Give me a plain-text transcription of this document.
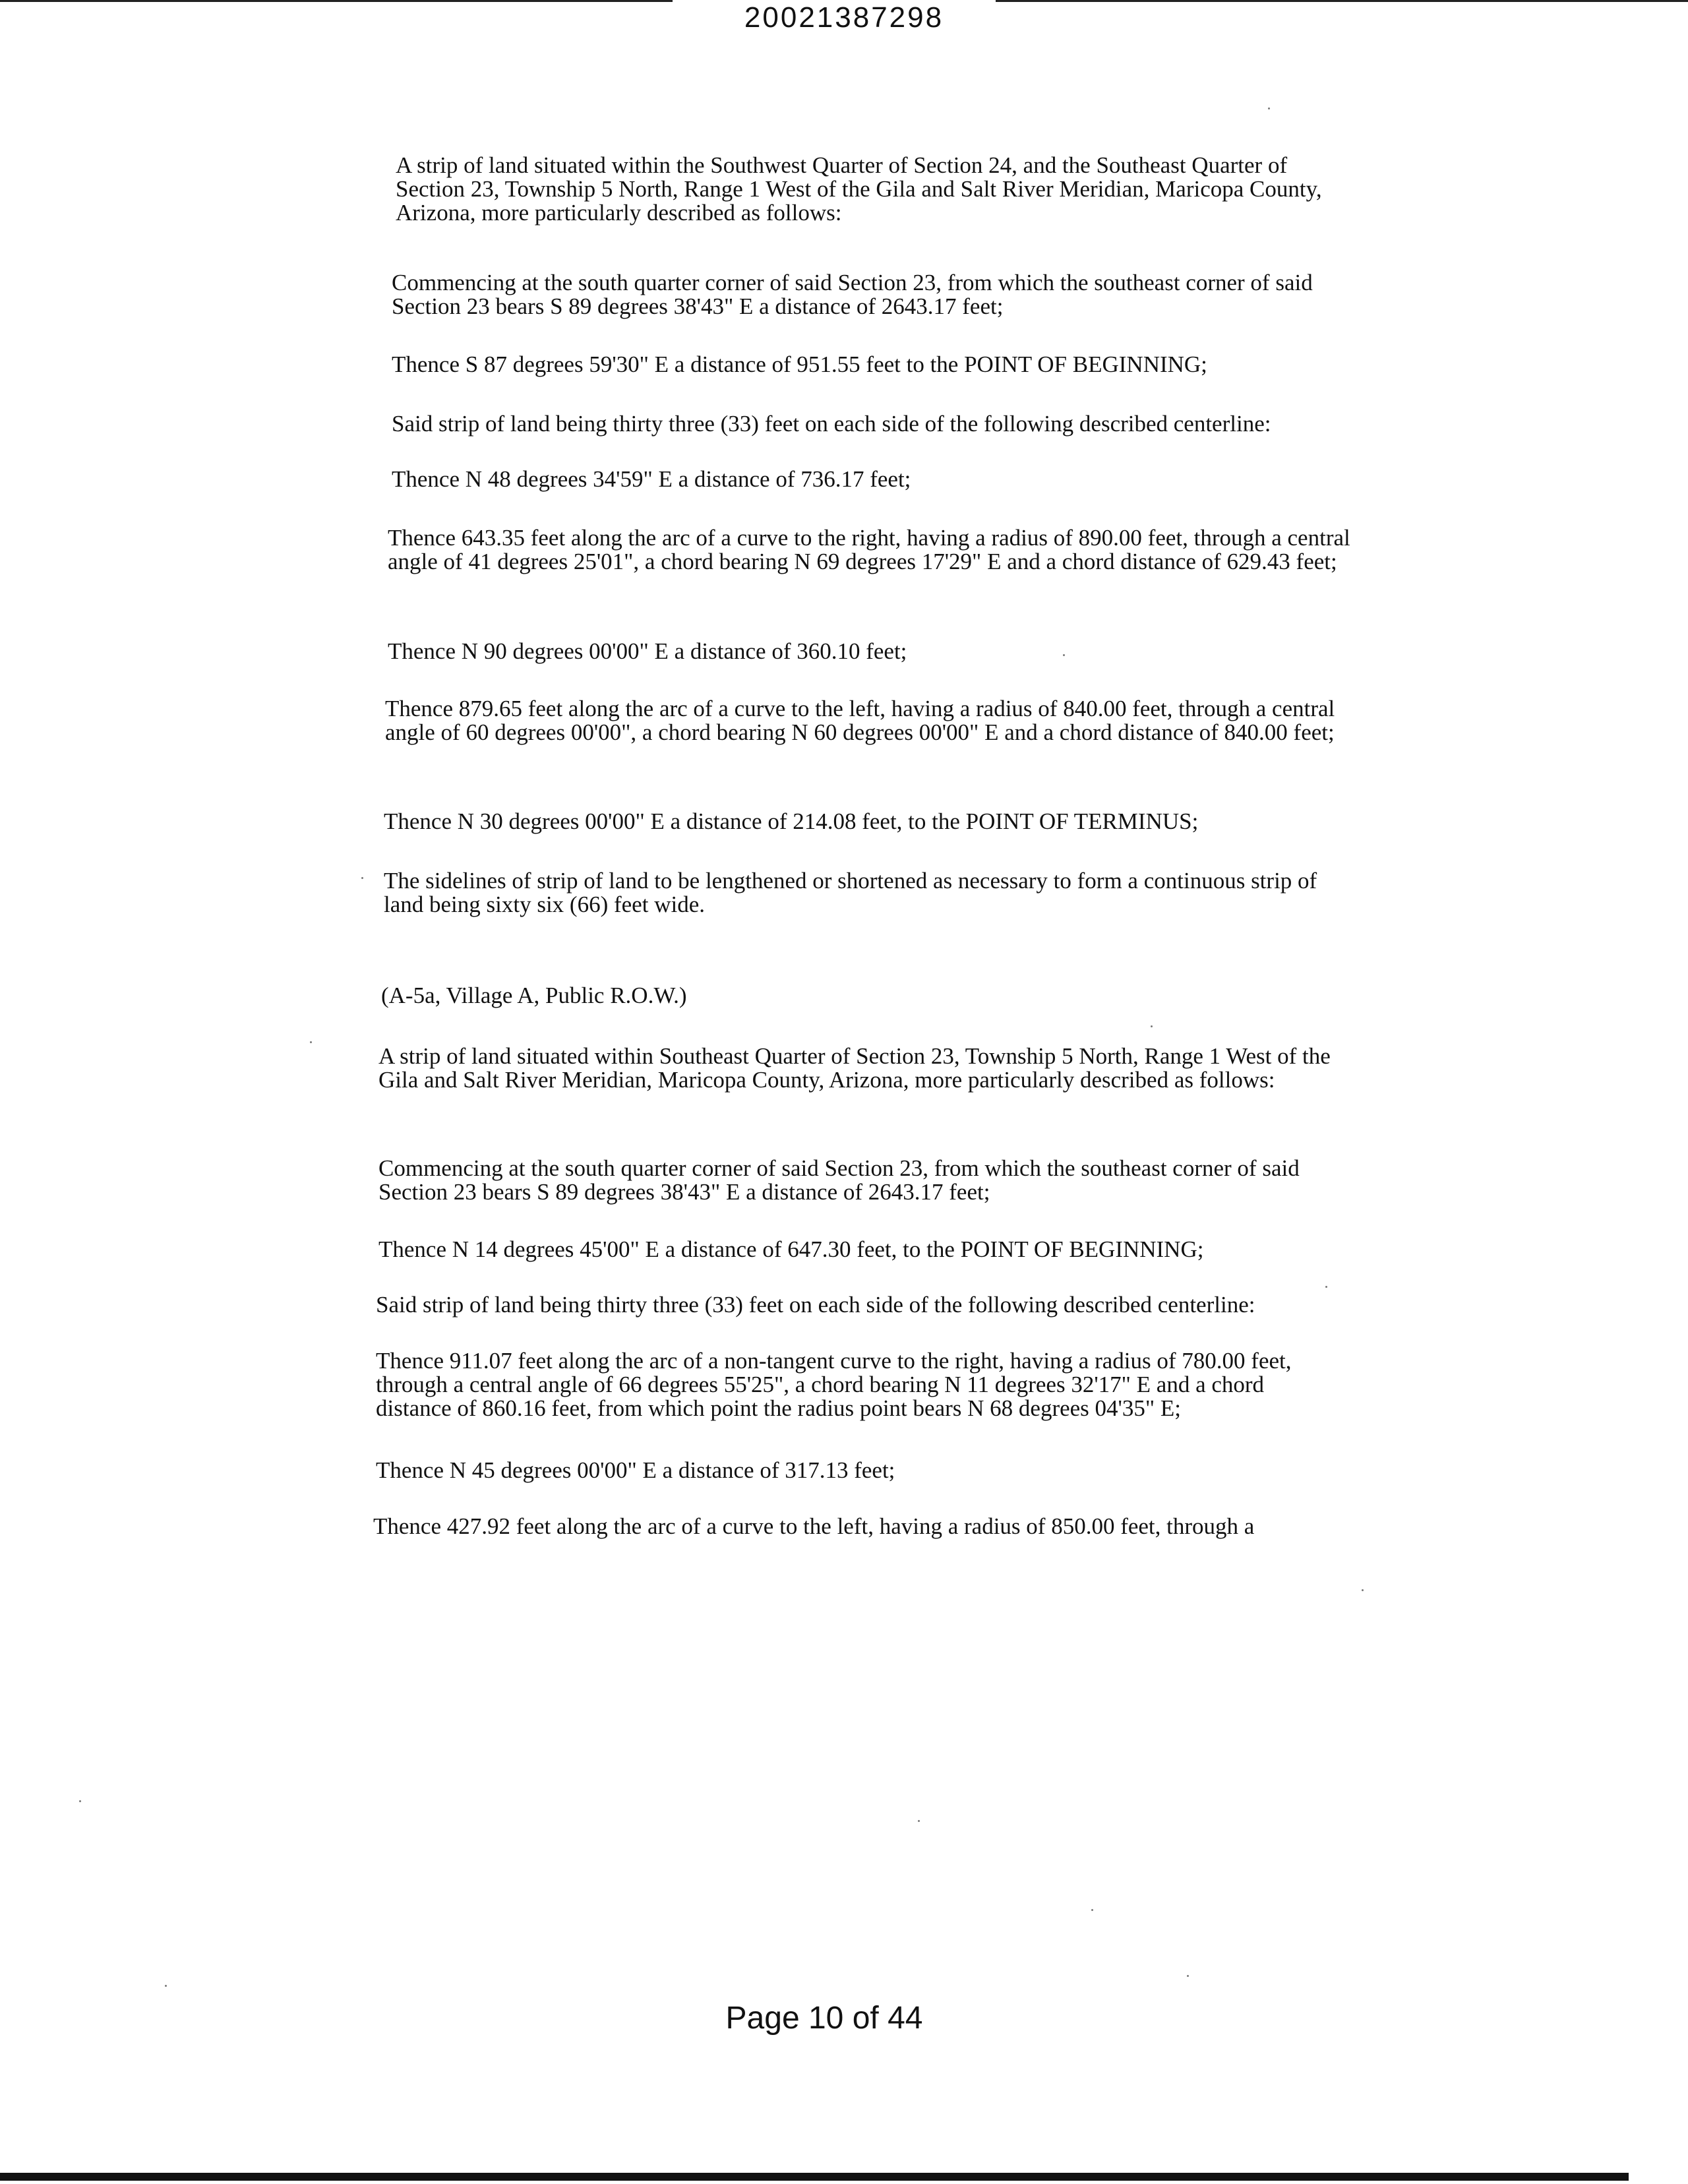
20021387298

A strip of land situated within the Southwest Quarter of Section 24, and the Southeast Quarter of Section 23, Township 5 North, Range 1 West of the Gila and Salt River Meridian, Maricopa County, Arizona, more particularly described as follows:

Commencing at the south quarter corner of said Section 23, from which the southeast corner of said Section 23 bears S 89 degrees 38'43" E a distance of 2643.17 feet;

Thence S 87 degrees 59'30" E a distance of 951.55 feet to the POINT OF BEGINNING;

Said strip of land being thirty three (33) feet on each side of the following described centerline:

Thence N 48 degrees 34'59" E a distance of 736.17 feet;

Thence 643.35 feet along the arc of a curve to the right, having a radius of 890.00 feet, through a central angle of 41 degrees 25'01", a chord bearing N 69 degrees 17'29" E and a chord distance of 629.43 feet;

Thence N 90 degrees 00'00" E a distance of 360.10 feet;

Thence 879.65 feet along the arc of a curve to the left, having a radius of 840.00 feet, through a central angle of 60 degrees 00'00", a chord bearing N 60 degrees 00'00" E and a chord distance of 840.00 feet;

Thence N 30 degrees 00'00" E a distance of 214.08 feet, to the POINT OF TERMINUS;

The sidelines of strip of land to be lengthened or shortened as necessary to form a continuous strip of land being sixty six (66) feet wide.

(A-5a, Village A, Public R.O.W.)

A strip of land situated within Southeast Quarter of Section 23, Township 5 North, Range 1 West of the Gila and Salt River Meridian, Maricopa County, Arizona, more particularly described as follows:

Commencing at the south quarter corner of said Section 23, from which the southeast corner of said Section 23 bears S 89 degrees 38'43" E a distance of 2643.17 feet;

Thence N 14 degrees 45'00" E a distance of 647.30 feet, to the POINT OF BEGINNING;

Said strip of land being thirty three (33) feet on each side of the following described centerline:

Thence 911.07 feet along the arc of a non-tangent curve to the right, having a radius of 780.00 feet, through a central angle of 66 degrees 55'25", a chord bearing N 11 degrees 32'17" E and a chord distance of 860.16 feet, from which point the radius point bears N 68 degrees 04'35" E;

Thence N 45 degrees 00'00" E a distance of 317.13 feet;

Thence 427.92 feet along the arc of a curve to the left, having a radius of 850.00 feet, through a

Page 10 of 44
